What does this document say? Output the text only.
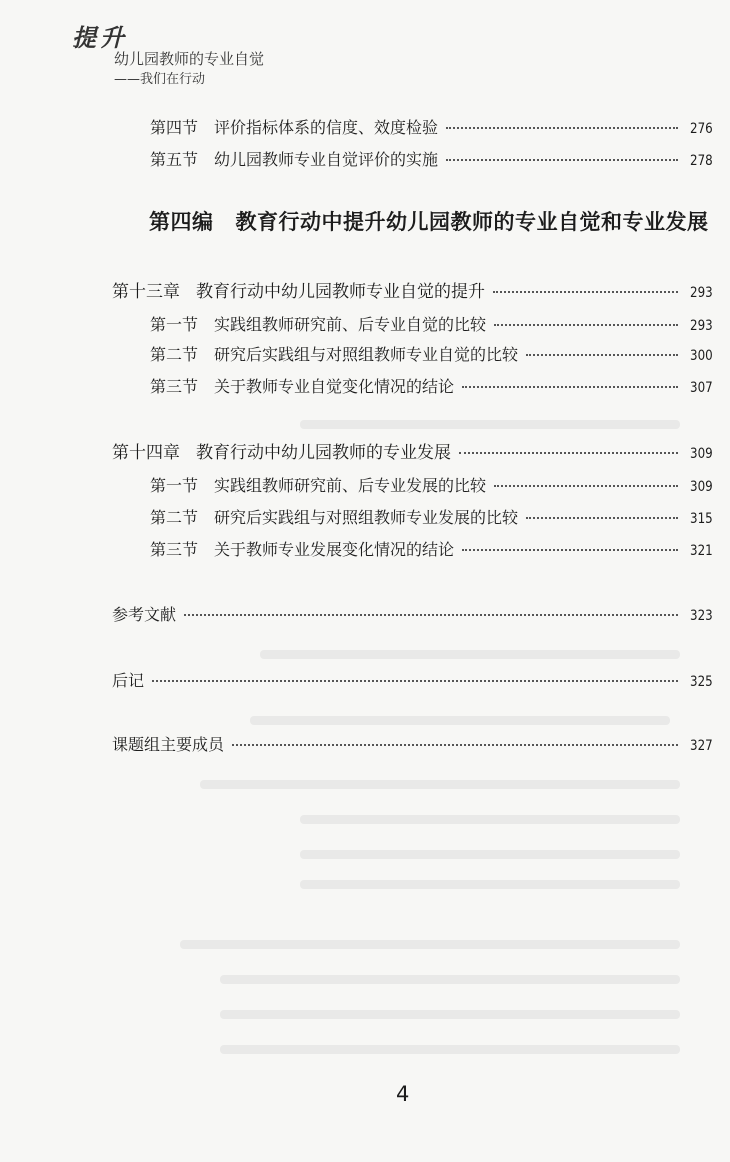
提升
幼儿园教师的专业自觉
——我们在行动
第四节 评价指标体系的信度、效度检验	276
第五节 幼儿园教师专业自觉评价的实施	278
第四编 教育行动中提升幼儿园教师的专业自觉和专业发展
第十三章 教育行动中幼儿园教师专业自觉的提升	293
第一节 实践组教师研究前、后专业自觉的比较	293
第二节 研究后实践组与对照组教师专业自觉的比较	300
第三节 关于教师专业自觉变化情况的结论	307
第十四章 教育行动中幼儿园教师的专业发展	309
第一节 实践组教师研究前、后专业发展的比较	309
第二节 研究后实践组与对照组教师专业发展的比较	315
第三节 关于教师专业发展变化情况的结论	321
参考文献	323
后记	325
课题组主要成员	327
4
